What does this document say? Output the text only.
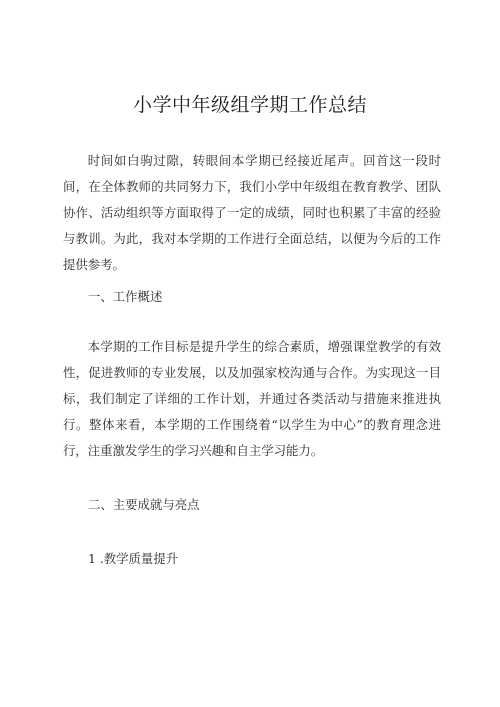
小学中年级组学期工作总结

时间如白驹过隙，转眼间本学期已经接近尾声。回首这一段时间，在全体教师的共同努力下，我们小学中年级组在教育教学、团队协作、活动组织等方面取得了一定的成绩，同时也积累了丰富的经验与教训。为此，我对本学期的工作进行全面总结，以便为今后的工作提供参考。

一、工作概述

本学期的工作目标是提升学生的综合素质，增强课堂教学的有效性，促进教师的专业发展，以及加强家校沟通与合作。为实现这一目标，我们制定了详细的工作计划，并通过各类活动与措施来推进执行。整体来看，本学期的工作围绕着“以学生为中心”的教育理念进行，注重激发学生的学习兴趣和自主学习能力。

二、主要成就与亮点

1 .教学质量提升
